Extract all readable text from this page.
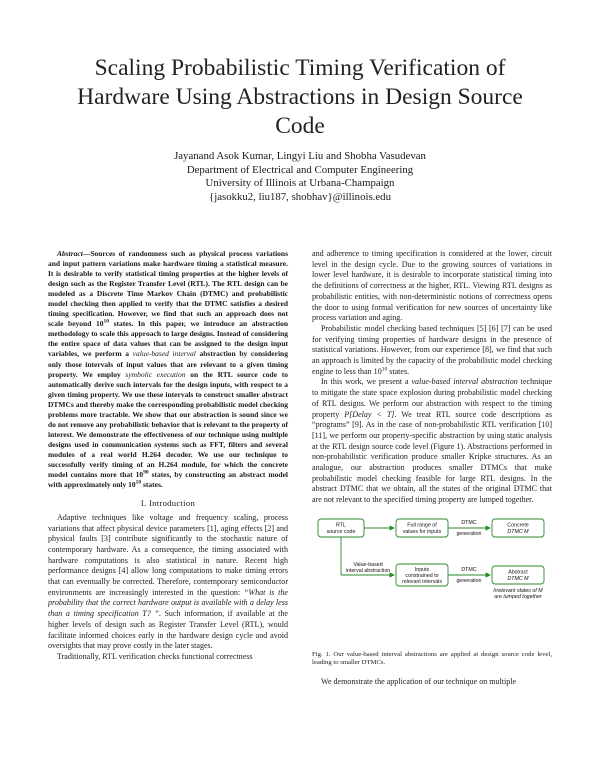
Scaling Probabilistic Timing Verification of Hardware Using Abstractions in Design Source Code
Jayanand Asok Kumar, Lingyi Liu and Shobha Vasudevan
Department of Electrical and Computer Engineering
University of Illinois at Urbana-Champaign
{jasokku2, liu187, shobhav}@illinois.edu

Abstract—Sources of randomness such as physical process variations and input pattern variations make hardware timing a statistical measure. It is desirable to verify statistical timing properties at the higher levels of design such as the Register Transfer Level (RTL). The RTL design can be modeled as a Discrete Time Markov Chain (DTMC) and probabilistic model checking then applied to verify that the DTMC satisfies a desired timing specification. However, we find that such an approach does not scale beyond $10^{10}$ states. In this paper, we introduce an abstraction methodology to scale this approach to large designs. Instead of considering the entire space of data values that can be assigned to the design input variables, we perform a value-based interval abstraction by considering only those intervals of input values that are relevant to a given timing property. We employ symbolic execution on the RTL source code to automatically derive such intervals for the design inputs, with respect to a given timing property. We use these intervals to construct smaller abstract DTMCs and thereby make the corresponding probabilistic model checking problems more tractable. We show that our abstraction is sound since we do not remove any probabilistic behavior that is relevant to the property of interest. We demonstrate the effectiveness of our technique using multiple designs used in communication systems such as FFT, filters and several modules of a real world H.264 decoder. We use our technique to successfully verify timing of an H.264 module, for which the concrete model contains more that $10^{90}$ states, by constructing an abstract model with approximately only $10^{10}$ states.

I. Introduction

Adaptive techniques like voltage and frequency scaling, process variations that affect physical device parameters [1], aging effects [2] and physical faults [3] contribute significantly to the stochastic nature of contemporary hardware. As a consequence, the timing associated with hardware computations is also statistical in nature. Recent high performance designs [4] allow long computations to make timing errors that can eventually be corrected. Therefore, contemporary semiconductor environments are increasingly interested in the question: “What is the probability that the correct hardware output is available with a delay less than a timing specification T? ”. Such information, if available at the higher levels of design such as Register Transfer Level (RTL), would facilitate informed choices early in the hardware design cycle and avoid oversights that may prove costly in the later stages.

Traditionally, RTL verification checks functional correctness

and adherence to timing specification is considered at the lower, circuit level in the design cycle. Due to the growing sources of variations in lower level hardware, it is desirable to incorporate statistical timing into the definitions of correctness at the higher, RTL. Viewing RTL designs as probabilistic entities, with non-deterministic notions of correctness opens the door to using formal verification for new sources of uncertainty like process variation and aging.

Probabilistic model checking based techniques [5] [6] [7] can be used for verifying timing properties of hardware designs in the presence of statistical variations. However, from our experience [8], we find that such an approach is limited by the capacity of the probabilistic model checking engine to less than $10^{10}$ states.

In this work, we present a value-based interval abstraction technique to mitigate the state space explosion during probabilistic model checking of RTL designs. We perform our abstraction with respect to the timing property P[Delay < T]. We treat RTL source code descriptions as “programs” [9]. As in the case of non-probabilistic RTL verification [10] [11], we perform our property-specific abstraction by using static analysis at the RTL design source code level (Figure 1). Abstractions performed in non-probabilistic verification produce smaller Kripke structures. As an analogue, our abstraction produces smaller DTMCs that make probabilistic model checking feasible for large RTL designs. In the abstract DTMC that we obtain, all the states of the original DTMC that are not relevant to the specified timing property are lumped together.

RTL
source code
Full range of
values for inputs
Concrete
DTMC M
DTMC
generation
Value-based
interval abstraction	Inputs
constrained to
relevant intervals
DTMC
generation
Abstract
DTMC M
Irrelevant states of M
are lumped together

Fig. 1. Our value-based interval abstractions are applied at design source code level, leading to smaller DTMCs.

We demonstrate the application of our technique on multiple
